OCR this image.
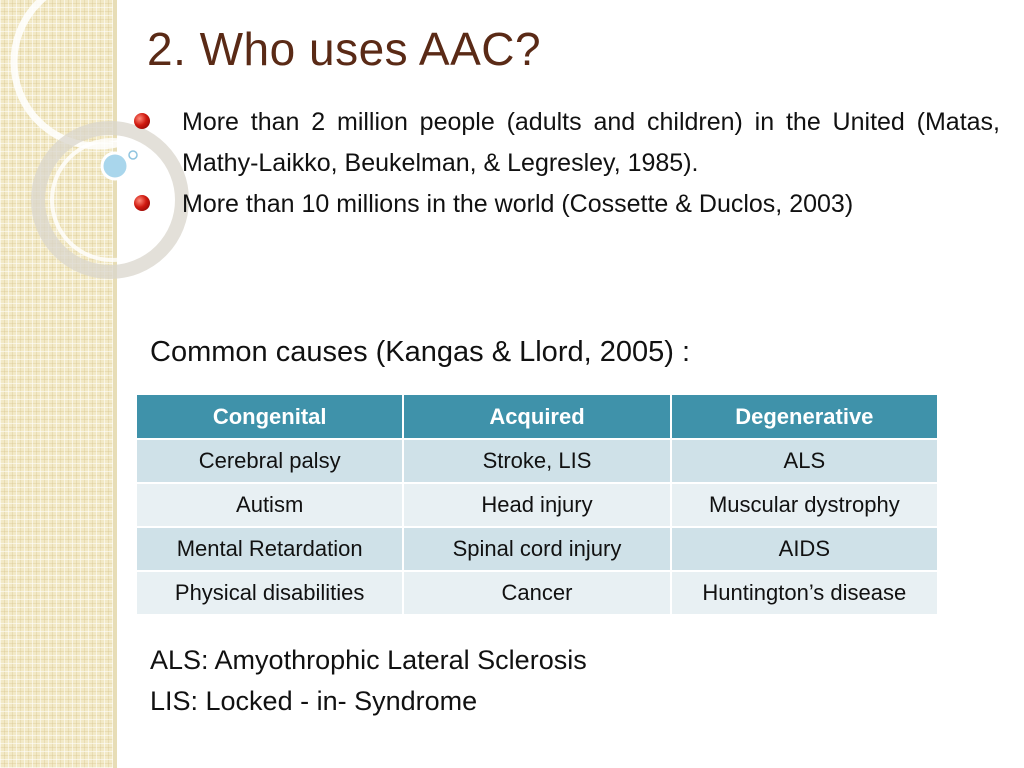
2. Who uses AAC?
More than 2 million people (adults and children) in the United (Matas, Mathy-Laikko, Beukelman, & Legresley, 1985).
More than 10 millions in the world (Cossette & Duclos, 2003)
Common causes (Kangas & Llord, 2005) :
Congenital	Acquired	Degenerative
Cerebral palsy	Stroke, LIS	ALS
Autism	Head injury	Muscular dystrophy
Mental Retardation	Spinal cord injury	AIDS
Physical disabilities	Cancer	Huntington’s disease
ALS: Amyothrophic Lateral Sclerosis
LIS: Locked - in- Syndrome
